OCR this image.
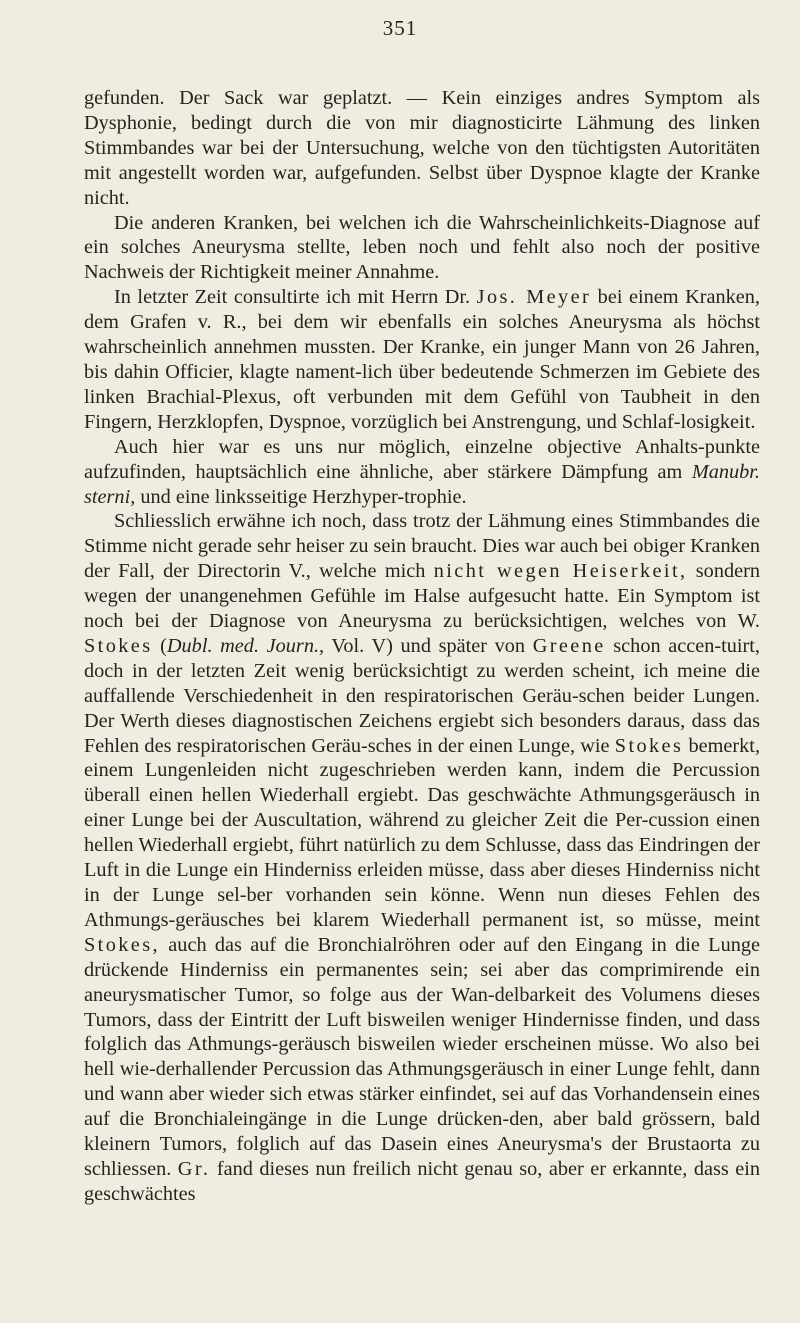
351

gefunden. Der Sack war geplatzt. — Kein einziges andres Symptom als Dysphonie, bedingt durch die von mir diagnosticirte Lähmung des linken Stimmbandes war bei der Untersuchung, welche von den tüchtigsten Autoritäten mit angestellt worden war, aufgefunden. Selbst über Dyspnoe klagte der Kranke nicht.

Die anderen Kranken, bei welchen ich die Wahrscheinlichkeits-Diagnose auf ein solches Aneurysma stellte, leben noch und fehlt also noch der positive Nachweis der Richtigkeit meiner Annahme.

In letzter Zeit consultirte ich mit Herrn Dr. Jos. Meyer bei einem Kranken, dem Grafen v. R., bei dem wir ebenfalls ein solches Aneurysma als höchst wahrscheinlich annehmen mussten. Der Kranke, ein junger Mann von 26 Jahren, bis dahin Officier, klagte nament-lich über bedeutende Schmerzen im Gebiete des linken Brachial-Plexus, oft verbunden mit dem Gefühl von Taubheit in den Fingern, Herzklopfen, Dyspnoe, vorzüglich bei Anstrengung, und Schlaf-losigkeit.

Auch hier war es uns nur möglich, einzelne objective Anhalts-punkte aufzufinden, hauptsächlich eine ähnliche, aber stärkere Dämpfung am Manubr. sterni, und eine linksseitige Herzhyper-trophie.

Schliesslich erwähne ich noch, dass trotz der Lähmung eines Stimmbandes die Stimme nicht gerade sehr heiser zu sein braucht. Dies war auch bei obiger Kranken der Fall, der Directorin V., welche mich nicht wegen Heiserkeit, sondern wegen der unangenehmen Gefühle im Halse aufgesucht hatte. Ein Symptom ist noch bei der Diagnose von Aneurysma zu berücksichtigen, welches von W. Stokes (Dubl. med. Journ., Vol. V) und später von Greene schon accen-tuirt, doch in der letzten Zeit wenig berücksichtigt zu werden scheint, ich meine die auffallende Verschiedenheit in den respiratorischen Geräu-schen beider Lungen. Der Werth dieses diagnostischen Zeichens ergiebt sich besonders daraus, dass das Fehlen des respiratorischen Geräu-sches in der einen Lunge, wie Stokes bemerkt, einem Lungenleiden nicht zugeschrieben werden kann, indem die Percussion überall einen hellen Wiederhall ergiebt. Das geschwächte Athmungsgeräusch in einer Lunge bei der Auscultation, während zu gleicher Zeit die Per-cussion einen hellen Wiederhall ergiebt, führt natürlich zu dem Schlusse, dass das Eindringen der Luft in die Lunge ein Hinderniss erleiden müsse, dass aber dieses Hinderniss nicht in der Lunge sel-ber vorhanden sein könne. Wenn nun dieses Fehlen des Athmungs-geräusches bei klarem Wiederhall permanent ist, so müsse, meint Stokes, auch das auf die Bronchialröhren oder auf den Eingang in die Lunge drückende Hinderniss ein permanentes sein; sei aber das comprimirende ein aneurysmatischer Tumor, so folge aus der Wan-delbarkeit des Volumens dieses Tumors, dass der Eintritt der Luft bisweilen weniger Hindernisse finden, und dass folglich das Athmungs-geräusch bisweilen wieder erscheinen müsse. Wo also bei hell wie-derhallender Percussion das Athmungsgeräusch in einer Lunge fehlt, dann und wann aber wieder sich etwas stärker einfindet, sei auf das Vorhandensein eines auf die Bronchialeingänge in die Lunge drücken-den, aber bald grössern, bald kleinern Tumors, folglich auf das Dasein eines Aneurysma's der Brustaorta zu schliessen. Gr. fand dieses nun freilich nicht genau so, aber er erkannte, dass ein geschwächtes
